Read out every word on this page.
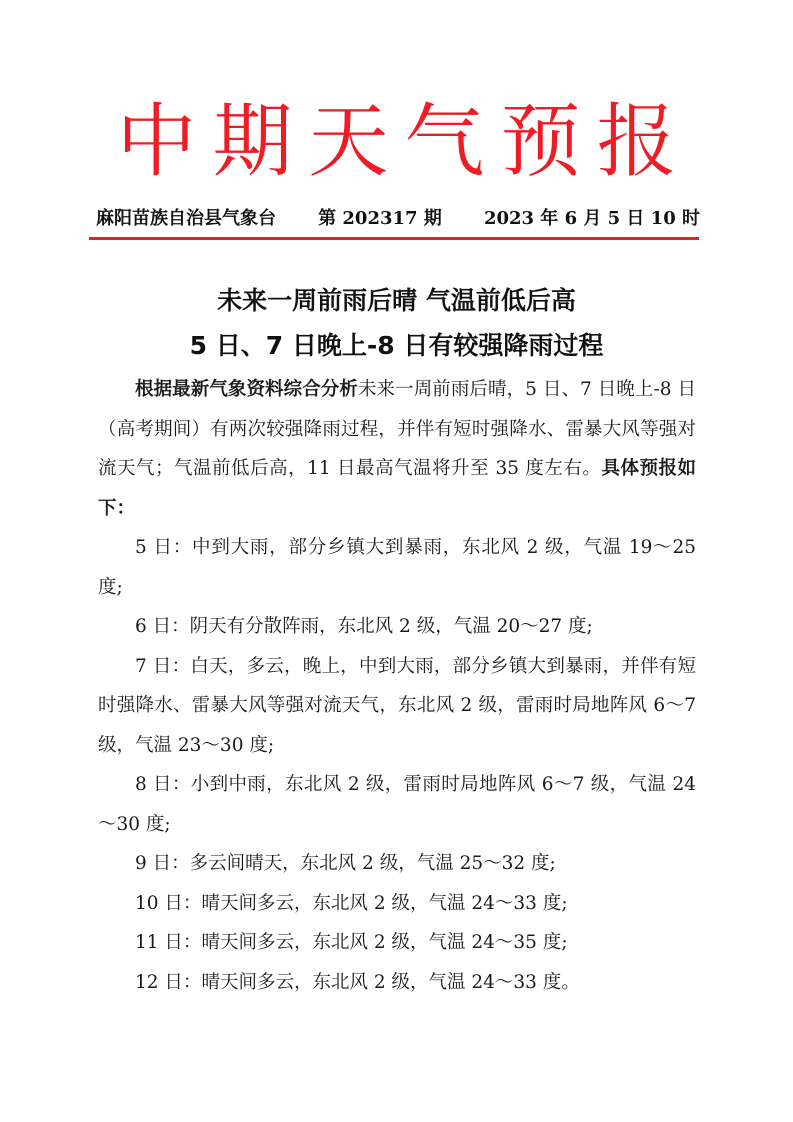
中期天气预报
麻阳苗族自治县气象台 第 202317 期 2023 年 6 月 5 日 10 时
未来一周前雨后晴 气温前低后高
5 日、7 日晚上-8 日有较强降雨过程

根据最新气象资料综合分析未来一周前雨后晴，5 日、7 日晚上-8 日（高考期间）有两次较强降雨过程，并伴有短时强降水、雷暴大风等强对流天气；气温前低后高，11 日最高气温将升至 35 度左右。具体预报如下：

5 日：中到大雨，部分乡镇大到暴雨，东北风 2 级，气温 19～25 度;

6 日：阴天有分散阵雨，东北风 2 级，气温 20～27 度;

7 日：白天，多云，晚上，中到大雨，部分乡镇大到暴雨，并伴有短时强降水、雷暴大风等强对流天气，东北风 2 级，雷雨时局地阵风 6～7 级，气温 23～30 度;

8 日：小到中雨，东北风 2 级，雷雨时局地阵风 6～7 级，气温 24～30 度;

9 日：多云间晴天，东北风 2 级，气温 25～32 度;

10 日：晴天间多云，东北风 2 级，气温 24～33 度;

11 日：晴天间多云，东北风 2 级，气温 24～35 度;

12 日：晴天间多云，东北风 2 级，气温 24～33 度。
